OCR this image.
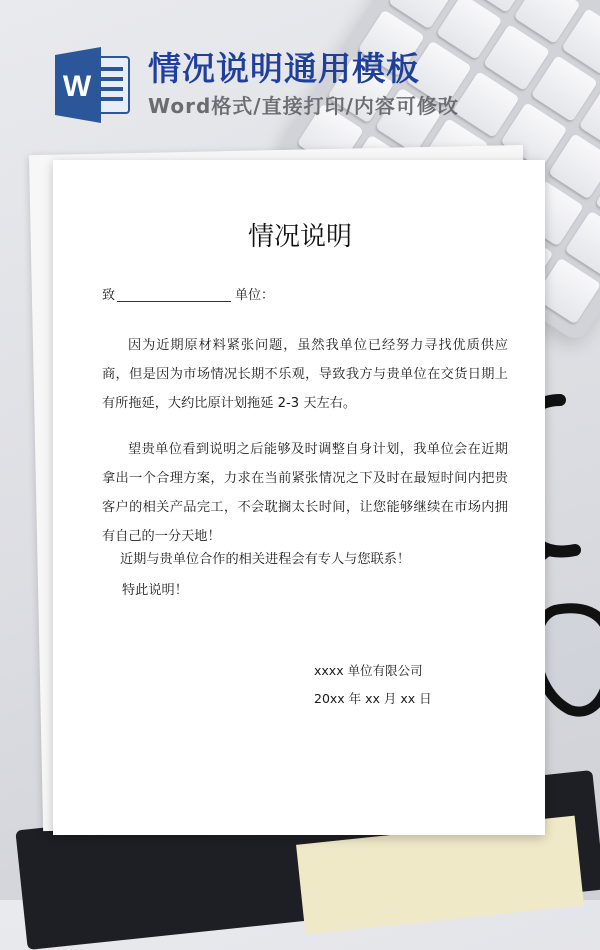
W 情况说明通用模板

Word格式/直接打印/内容可修改

情况说明
致	单位：

因为近期原材料紧张问题，虽然我单位已经努力寻找优质供应商，但是因为市场情况长期不乐观，导致我方与贵单位在交货日期上有所拖延，大约比原计划拖延 2-3 天左右。

望贵单位看到说明之后能够及时调整自身计划，我单位会在近期拿出一个合理方案，力求在当前紧张情况之下及时在最短时间内把贵客户的相关产品完工，不会耽搁太长时间，让您能够继续在市场内拥有自己的一分天地！

近期与贵单位合作的相关进程会有专人与您联系！

特此说明！

xxxx 单位有限公司

20xx 年 xx 月 xx 日
